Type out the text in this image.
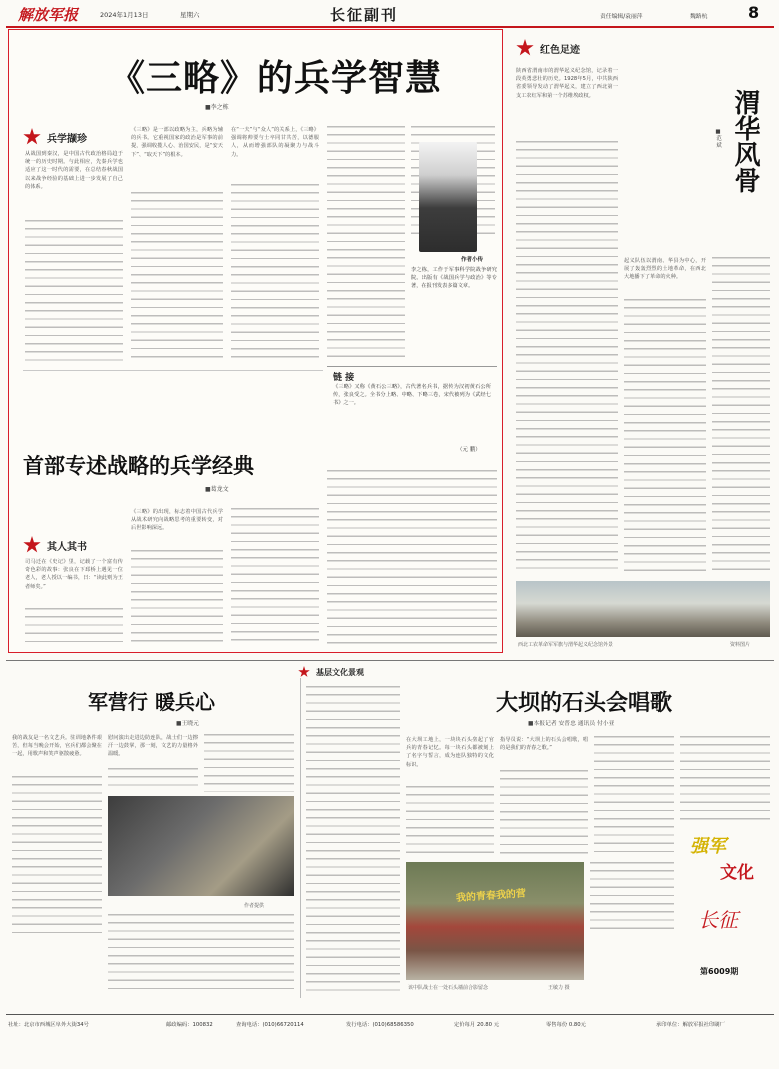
解放军报	2024年1月13日	星期六	长征副刊	责任编辑/袁丽萍	魏路杭	8
《三略》的兵学智慧
■李之栋
兵学撷珍
从战国到秦汉，是中国古代政治格局趋于统一的历史时期。与此相应，先秦兵学也适应了这一时代的需要，在总结春秋战国以来战争经验的基础上进一步发展了自己的体系。
《三略》是一部以政略为主，兵略为辅的兵书。它重视国家的政治是军事的前提，强调收揽人心、治国安民，是“安天下”、“取天下”的根本。
在“一夫”与“众人”的关系上，《三略》强调将帅要与士卒同甘共苦，以德服人，从而增强部队的凝聚力与战斗力。
作者小传
李之栋，工作于军事科学院战争研究院。出版有《战国兵学与政治》等专著，在报刊发表多篇文章。
链 接
《三略》又称《黄石公三略》，古代著名兵书，据传为汉初黄石公所传，张良受之。全书分上略、中略、下略三卷，宋代被列为《武经七书》之一。
（元 鹏）
首部专述战略的兵学经典
■葛龙文
其人其书
司马迁在《史记》里，记载了一个富有传奇色彩的故事：张良在下邳桥上遇见一位老人，老人授以一编书，曰：“读此则为王者师矣。”
《三略》的出现，标志着中国古代兵学从战术研究向战略思考的重要转变，对后世影响深远。
红色足迹
渭华风骨
■范 斌
陕西省渭南市的渭华起义纪念馆，记录着一段英勇悲壮的历史。1928年5月，中共陕西省委领导发动了渭华起义，建立了西北第一支工农红军和第一个苏维埃政权。
起义队伍以渭南、华县为中心，开展了轰轰烈烈的土地革命，在西北大地播下了革命的火种。
西北工农革命军军旗与渭华起义纪念馆外景	资料图片
基层文化景观
军营行 暖兵心
■王晓元
我的战友是一名文艺兵。驻训地条件艰苦，但每当晚会开始，官兵们都会聚在一起，用歌声和笑声驱散疲惫。
慰问演出走进边防连队，战士们一边擦汗一边鼓掌，那一刻，文艺的力量格外温暖。
作者提供
大坝的石头会唱歌
■本报记者 安普忠 通讯员 付小亚
在大坝工地上，一块块石头垒起了官兵的青春记忆。每一块石头都被刻上了名字与誓言，成为连队独特的文化标识。
指导员说：“大坝上的石头会唱歌，唱的是我们的青春之歌。”
我的青春我的营
该中队战士在一处石头墙前合影留念	王敏力 摄
强军
文化
长征
第6009期
社址：北京市西城区阜外大街34号	邮政编码：100832	查询电话：(010)66720114	发行电话：(010)68586350	定价每月 20.80 元	零售每份 0.80元	承印单位：解放军报社印刷厂
